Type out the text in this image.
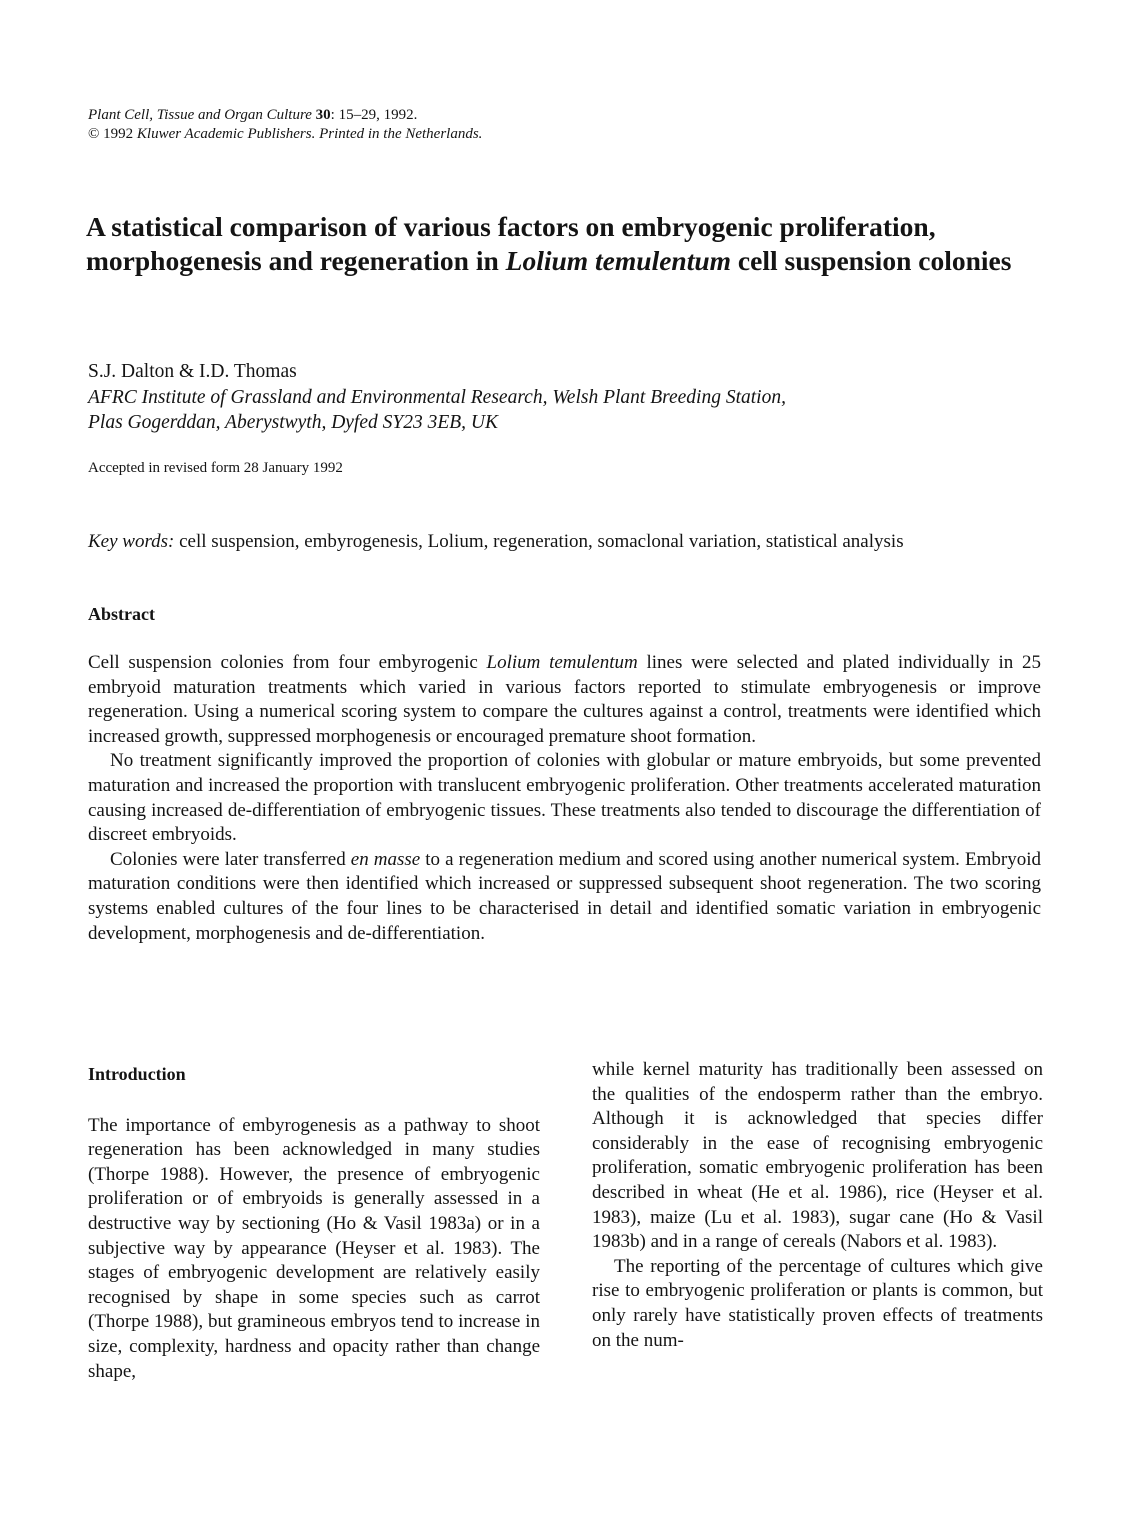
Plant Cell, Tissue and Organ Culture 30: 15–29, 1992.
© 1992 Kluwer Academic Publishers. Printed in the Netherlands.
A statistical comparison of various factors on embryogenic proliferation, morphogenesis and regeneration in Lolium temulentum cell suspension colonies
S.J. Dalton & I.D. Thomas
AFRC Institute of Grassland and Environmental Research, Welsh Plant Breeding Station,
Plas Gogerddan, Aberystwyth, Dyfed SY23 3EB, UK
Accepted in revised form 28 January 1992
Key words: cell suspension, embyrogenesis, Lolium, regeneration, somaclonal variation, statistical analysis
Abstract

Cell suspension colonies from four embyrogenic Lolium temulentum lines were selected and plated individually in 25 embryoid maturation treatments which varied in various factors reported to stimulate embryogenesis or improve regeneration. Using a numerical scoring system to compare the cultures against a control, treatments were identified which increased growth, suppressed morphogenesis or encouraged premature shoot formation.

No treatment significantly improved the proportion of colonies with globular or mature embryoids, but some prevented maturation and increased the proportion with translucent embryogenic proliferation. Other treatments accelerated maturation causing increased de-differentiation of embryogenic tissues. These treatments also tended to discourage the differentiation of discreet embryoids.

Colonies were later transferred en masse to a regeneration medium and scored using another numerical system. Embryoid maturation conditions were then identified which increased or suppressed subsequent shoot regeneration. The two scoring systems enabled cultures of the four lines to be characterised in detail and identified somatic variation in embryogenic development, morphogenesis and de-differentiation.

Introduction

The importance of embyrogenesis as a pathway to shoot regeneration has been acknowledged in many studies (Thorpe 1988). However, the presence of embryogenic proliferation or of embryoids is generally assessed in a destructive way by sectioning (Ho & Vasil 1983a) or in a subjective way by appearance (Heyser et al. 1983). The stages of embryogenic development are relatively easily recognised by shape in some species such as carrot (Thorpe 1988), but gramineous embryos tend to increase in size, complexity, hardness and opacity rather than change shape,

while kernel maturity has traditionally been assessed on the qualities of the endosperm rather than the embryo. Although it is acknowledged that species differ considerably in the ease of recognising embryogenic proliferation, somatic embryogenic proliferation has been described in wheat (He et al. 1986), rice (Heyser et al. 1983), maize (Lu et al. 1983), sugar cane (Ho & Vasil 1983b) and in a range of cereals (Nabors et al. 1983).

The reporting of the percentage of cultures which give rise to embryogenic proliferation or plants is common, but only rarely have statistically proven effects of treatments on the num-
